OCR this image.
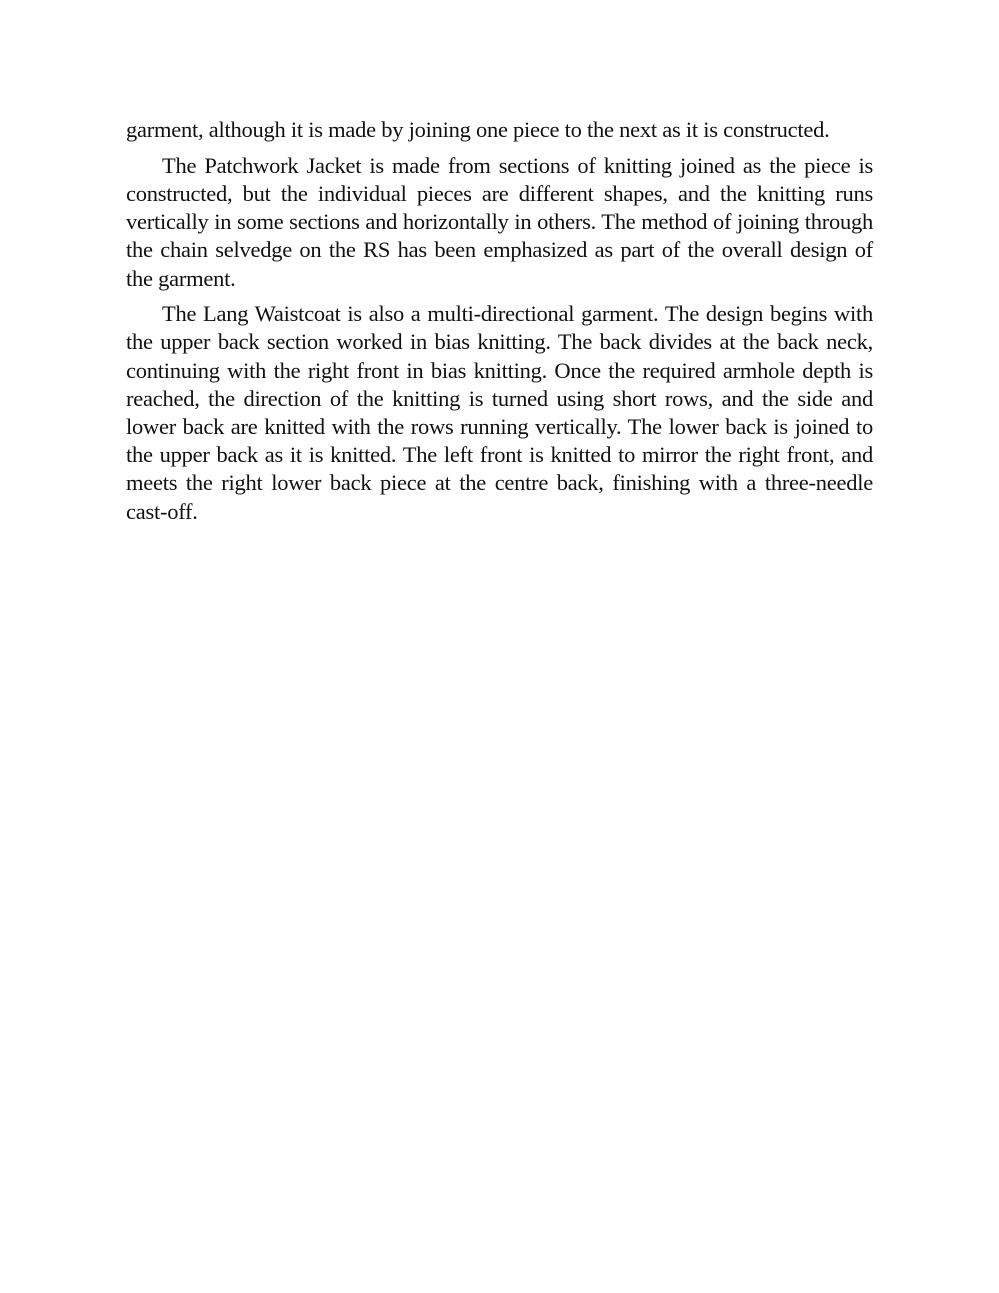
garment, although it is made by joining one piece to the next as it is constructed.

The Patchwork Jacket is made from sections of knitting joined as the piece is constructed, but the individual pieces are different shapes, and the knitting runs vertically in some sections and horizontally in others. The method of joining through the chain selvedge on the RS has been emphasized as part of the overall design of the garment.

The Lang Waistcoat is also a multi-directional garment. The design begins with the upper back section worked in bias knitting. The back divides at the back neck, continuing with the right front in bias knitting. Once the required armhole depth is reached, the direction of the knitting is turned using short rows, and the side and lower back are knitted with the rows running vertically. The lower back is joined to the upper back as it is knitted. The left front is knitted to mirror the right front, and meets the right lower back piece at the centre back, finishing with a three-needle cast-off.
